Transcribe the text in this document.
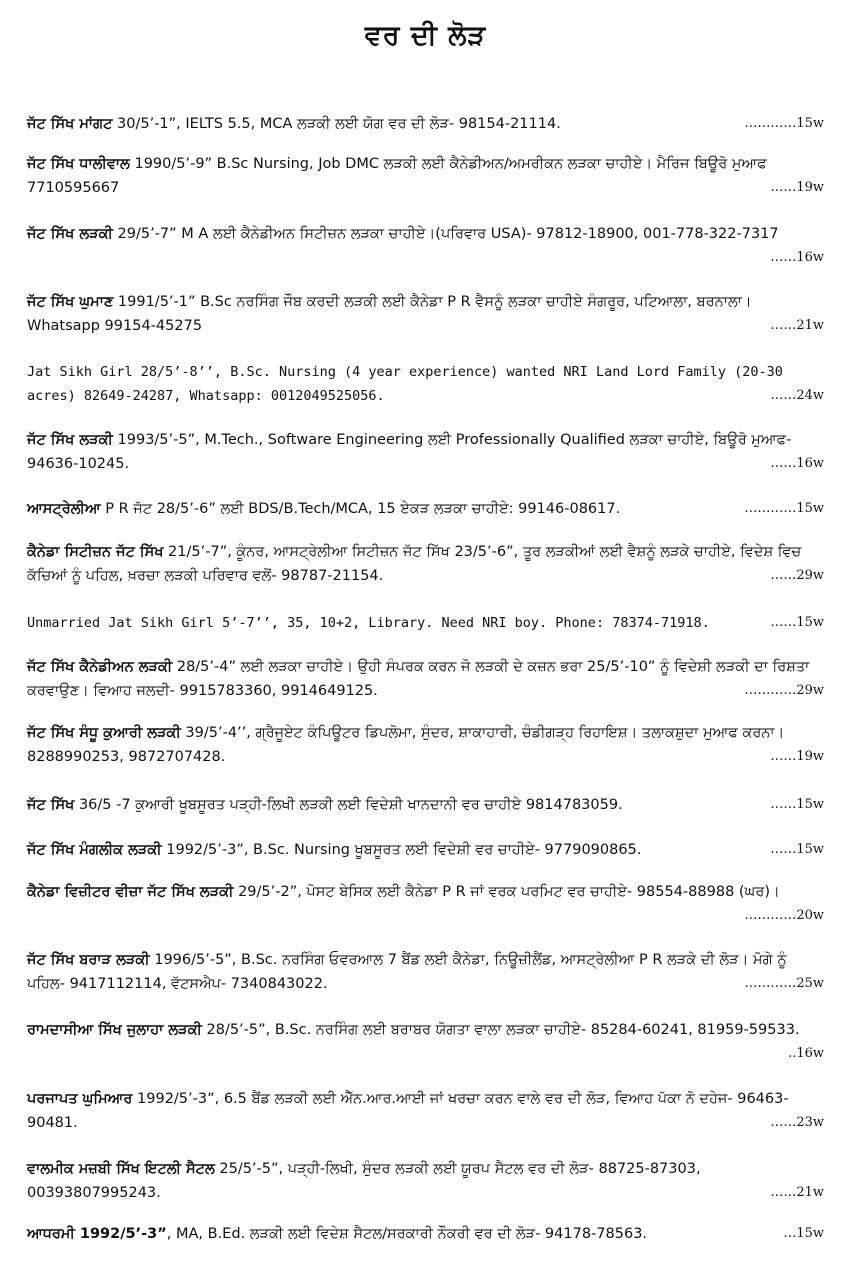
ਵਰ ਦੀ ਲੋੜ

ਜੱਟ ਸਿੱਖ ਮਾਂਗਟ 30/5’-1”, IELTS 5.5, MCA ਲੜਕੀ ਲਈ ਯੋਗ ਵਰ ਦੀ ਲੋੜ- 98154-21114.	…………15w

ਜੱਟ ਸਿੱਖ ਧਾਲੀਵਾਲ 1990/5’-9” B.Sc Nursing, Job DMC ਲੜਕੀ ਲਈ ਕੈਨੇਡੀਅਨ/ਅਮਰੀਕਨ ਲੜਕਾ ਚਾਹੀਏ। ਮੈਰਿਜ ਬਿਊਰੋ ਮੁਆਫ 7710595667	……19w

ਜੱਟ ਸਿੱਖ ਲੜਕੀ 29/5’-7” M A ਲਈ ਕੈਨੇਡੀਅਨ ਸਿਟੀਜ਼ਨ ਲੜਕਾ ਚਾਹੀਏ।(ਪਰਿਵਾਰ USA)- 97812-18900, 001-778-322-7317
……16w

ਜੱਟ ਸਿੱਖ ਘੁਮਾਣ 1991/5’-1” B.Sc ਨਰਸਿੰਗ ਜੌਬ ਕਰਦੀ ਲੜਕੀ ਲਈ ਕੈਨੇਡਾ P R ਵੈਸਨੂੰ ਲੜਕਾ ਚਾਹੀਏ ਸੰਗਰੂਰ, ਪਟਿਆਲਾ, ਬਰਨਾਲਾ। Whatsapp 99154-45275	……21w

Jat Sikh Girl 28/5’-8’’, B.Sc. Nursing (4 year experience) wanted NRI Land Lord Family (20-30 acres) 82649-24287, Whatsapp: 0012049525056.	……24w

ਜੱਟ ਸਿੱਖ ਲੜਕੀ 1993/5’-5”, M.Tech., Software Engineering ਲਈ Professionally Qualified ਲੜਕਾ ਚਾਹੀਏ, ਬਿਊਰੋ ਮੁਆਫ- 94636-10245.	……16w

ਆਸਟ੍ਰੇਲੀਆ P R ਜੱਟ 28/5’-6” ਲਈ BDS/B.Tech/MCA, 15 ਏਕੜ ਲੜਕਾ ਚਾਹੀਏ: 99146-08617.	…………15w

ਕੈਨੇਡਾ ਸਿਟੀਜ਼ਨ ਜੱਟ ਸਿੱਖ 21/5’-7”, ਕੂੰਨਰ, ਆਸਟ੍ਰੇਲੀਆ ਸਿਟੀਜ਼ਨ ਜੱਟ ਸਿੱਖ 23/5’-6”, ਤੂਰ ਲੜਕੀਆਂ ਲਈ ਵੈਸ਼ਨੂੰ ਲੜਕੇ ਚਾਹੀਏ, ਵਿਦੇਸ਼ ਵਿਚ ਕੱਚਿਆਂ ਨੂੰ ਪਹਿਲ, ਖ਼ਰਚਾ ਲੜਕੀ ਪਰਿਵਾਰ ਵਲੋਂ- 98787-21154.	……29w

Unmarried Jat Sikh Girl 5’-7’’, 35, 10+2, Library. Need NRI boy. Phone: 78374-71918.	……15w

ਜੱਟ ਸਿੱਖ ਕੈਨੇਡੀਅਨ ਲੜਕੀ 28/5’-4” ਲਈ ਲੜਕਾ ਚਾਹੀਏ। ਉਹੀ ਸੰਪਰਕ ਕਰਨ ਜੋ ਲੜਕੀ ਦੇ ਕਜ਼ਨ ਭਰਾ 25/5’-10” ਨੂੰ ਵਿਦੇਸ਼ੀ ਲੜਕੀ ਦਾ ਰਿਸ਼ਤਾ ਕਰਵਾਉਣ। ਵਿਆਹ ਜਲਦੀ- 9915783360, 9914649125.	…………29w

ਜੱਟ ਸਿੱਖ ਸੰਧੂ ਕੁਆਰੀ ਲੜਕੀ 39/5’-4’’, ਗ੍ਰੈਜੂਏਟ ਕੰਪਿਊਟਰ ਡਿਪਲੋਮਾ, ਸੁੰਦਰ, ਸ਼ਾਕਾਹਾਰੀ, ਚੰਡੀਗੜ੍ਹ ਰਿਹਾਇਸ਼। ਤਲਾਕਸ਼ੁਦਾ ਮੁਆਫ ਕਰਨਾ। 8288990253, 9872707428.	……19w

ਜੱਟ ਸਿੱਖ 36/5 -7 ਕੁਆਰੀ ਖੂਬਸੂਰਤ ਪੜ੍ਹੀ-ਲਿਖੀ ਲੜਕੀ ਲਈ ਵਿਦੇਸ਼ੀ ਖਾਨਦਾਨੀ ਵਰ ਚਾਹੀਏ 9814783059.	……15w

ਜੱਟ ਸਿੱਖ ਮੰਗਲੀਕ ਲੜਕੀ 1992/5’-3”, B.Sc. Nursing ਖੂਬਸੂਰਤ ਲਈ ਵਿਦੇਸ਼ੀ ਵਰ ਚਾਹੀਏ- 9779090865.	……15w

ਕੈਨੇਡਾ ਵਿਜ਼ੀਟਰ ਵੀਜ਼ਾ ਜੱਟ ਸਿੱਖ ਲੜਕੀ 29/5’-2”, ਪੋਸਟ ਬੇਸਿਕ ਲਈ ਕੈਨੇਡਾ P R ਜਾਂ ਵਰਕ ਪਰਮਿਟ ਵਰ ਚਾਹੀਏ- 98554-88988 (ਘਰ)।
…………20w

ਜੱਟ ਸਿੱਖ ਬਰਾੜ ਲੜਕੀ 1996/5’-5”, B.Sc. ਨਰਸਿੰਗ ਓਵਰਆਲ 7 ਬੈਂਡ ਲਈ ਕੈਨੇਡਾ, ਨਿਊਜ਼ੀਲੈਂਡ, ਆਸਟ੍ਰੇਲੀਆ P R ਲੜਕੇ ਦੀ ਲੋੜ। ਮੋਗੇ ਨੂੰ ਪਹਿਲ- 9417112114, ਵੱਟਸਐਪ- 7340843022.	…………25w

ਰਾਮਦਾਸੀਆ ਸਿੱਖ ਜੁਲਾਹਾ ਲੜਕੀ 28/5’-5”, B.Sc. ਨਰਸਿੰਗ ਲਈ ਬਰਾਬਰ ਯੋਗਤਾ ਵਾਲਾ ਲੜਕਾ ਚਾਹੀਏ- 85284-60241, 81959-59533.
..16w

ਪਰਜਾਪਤ ਘੁਮਿਆਰ 1992/5’-3”, 6.5 ਬੈਂਡ ਲੜਕੀ ਲਈ ਐੱਨ.ਆਰ.ਆਈ ਜਾਂ ਖਰਚਾ ਕਰਨ ਵਾਲੇ ਵਰ ਦੀ ਲੋੜ, ਵਿਆਹ ਪੱਕਾ ਨੋ ਦਹੇਜ- 96463-90481.	……23w

ਵਾਲਮੀਕ ਮਜ਼ਬੀ ਸਿੱਖ ਇਟਲੀ ਸੈਟਲ 25/5’-5”, ਪੜ੍ਹੀ-ਲਿਖੀ, ਸੁੰਦਰ ਲੜਕੀ ਲਈ ਯੂਰਪ ਸੈਟਲ ਵਰ ਦੀ ਲੋੜ- 88725-87303, 00393807995243.	……21w

ਆਧਰਮੀ 1992/5’-3”, MA, B.Ed. ਲੜਕੀ ਲਈ ਵਿਦੇਸ਼ ਸੈਟਲ/ਸਰਕਾਰੀ ਨੌਕਰੀ ਵਰ ਦੀ ਲੋੜ- 94178-78563.	…15w
